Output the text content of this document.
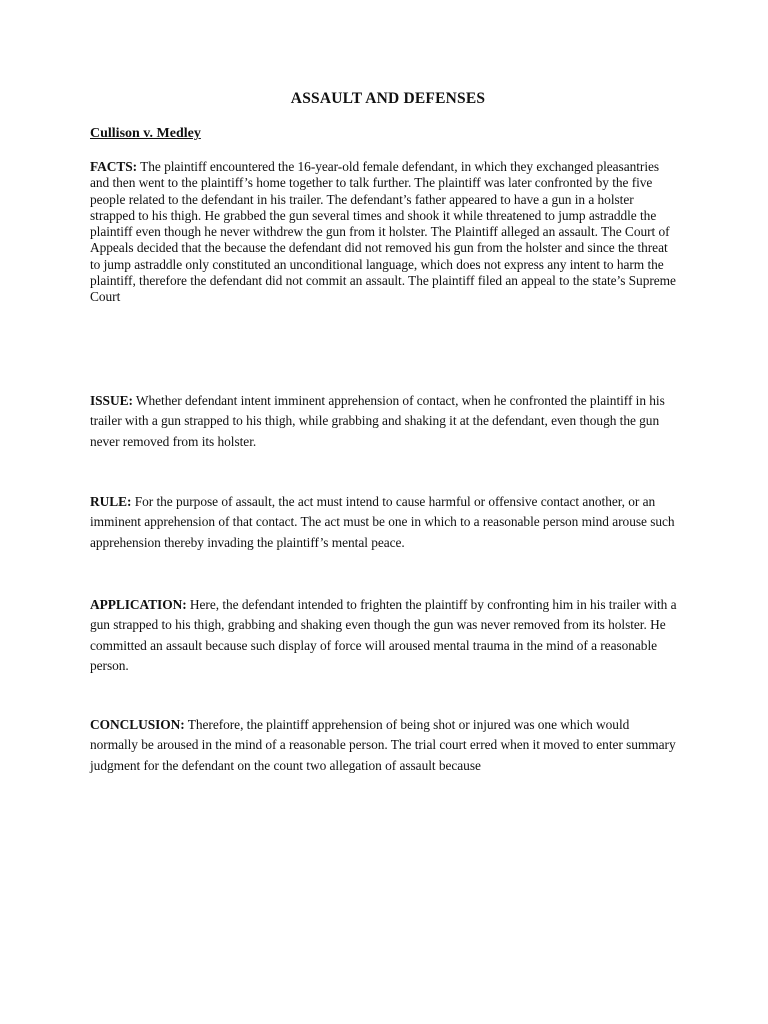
ASSAULT AND DEFENSES

Cullison v. Medley

FACTS: The plaintiff encountered the 16-year-old female defendant, in which they exchanged pleasantries and then went to the plaintiff’s home together to talk further. The plaintiff was later confronted by the five people related to the defendant in his trailer. The defendant’s father appeared to have a gun in a holster strapped to his thigh. He grabbed the gun several times and shook it while threatened to jump astraddle the plaintiff even though he never withdrew the gun from it holster. The Plaintiff alleged an assault. The Court of Appeals decided that the because the defendant did not removed his gun from the holster and since the threat to jump astraddle only constituted an unconditional language, which does not express any intent to harm the plaintiff, therefore the defendant did not commit an assault. The plaintiff filed an appeal to the state’s Supreme Court

ISSUE: Whether defendant intent imminent apprehension of contact, when he confronted the plaintiff in his trailer with a gun strapped to his thigh, while grabbing and shaking it at the defendant, even though the gun never removed from its holster.

RULE: For the purpose of assault, the act must intend to cause harmful or offensive contact another, or an imminent apprehension of that contact. The act must be one in which to a reasonable person mind arouse such apprehension thereby invading the plaintiff’s mental peace.

APPLICATION: Here, the defendant intended to frighten the plaintiff by confronting him in his trailer with a gun strapped to his thigh, grabbing and shaking even though the gun was never removed from its holster. He committed an assault because such display of force will aroused mental trauma in the mind of a reasonable person.

CONCLUSION: Therefore, the plaintiff apprehension of being shot or injured was one which would normally be aroused in the mind of a reasonable person. The trial court erred when it moved to enter summary judgment for the defendant on the count two allegation of assault because
